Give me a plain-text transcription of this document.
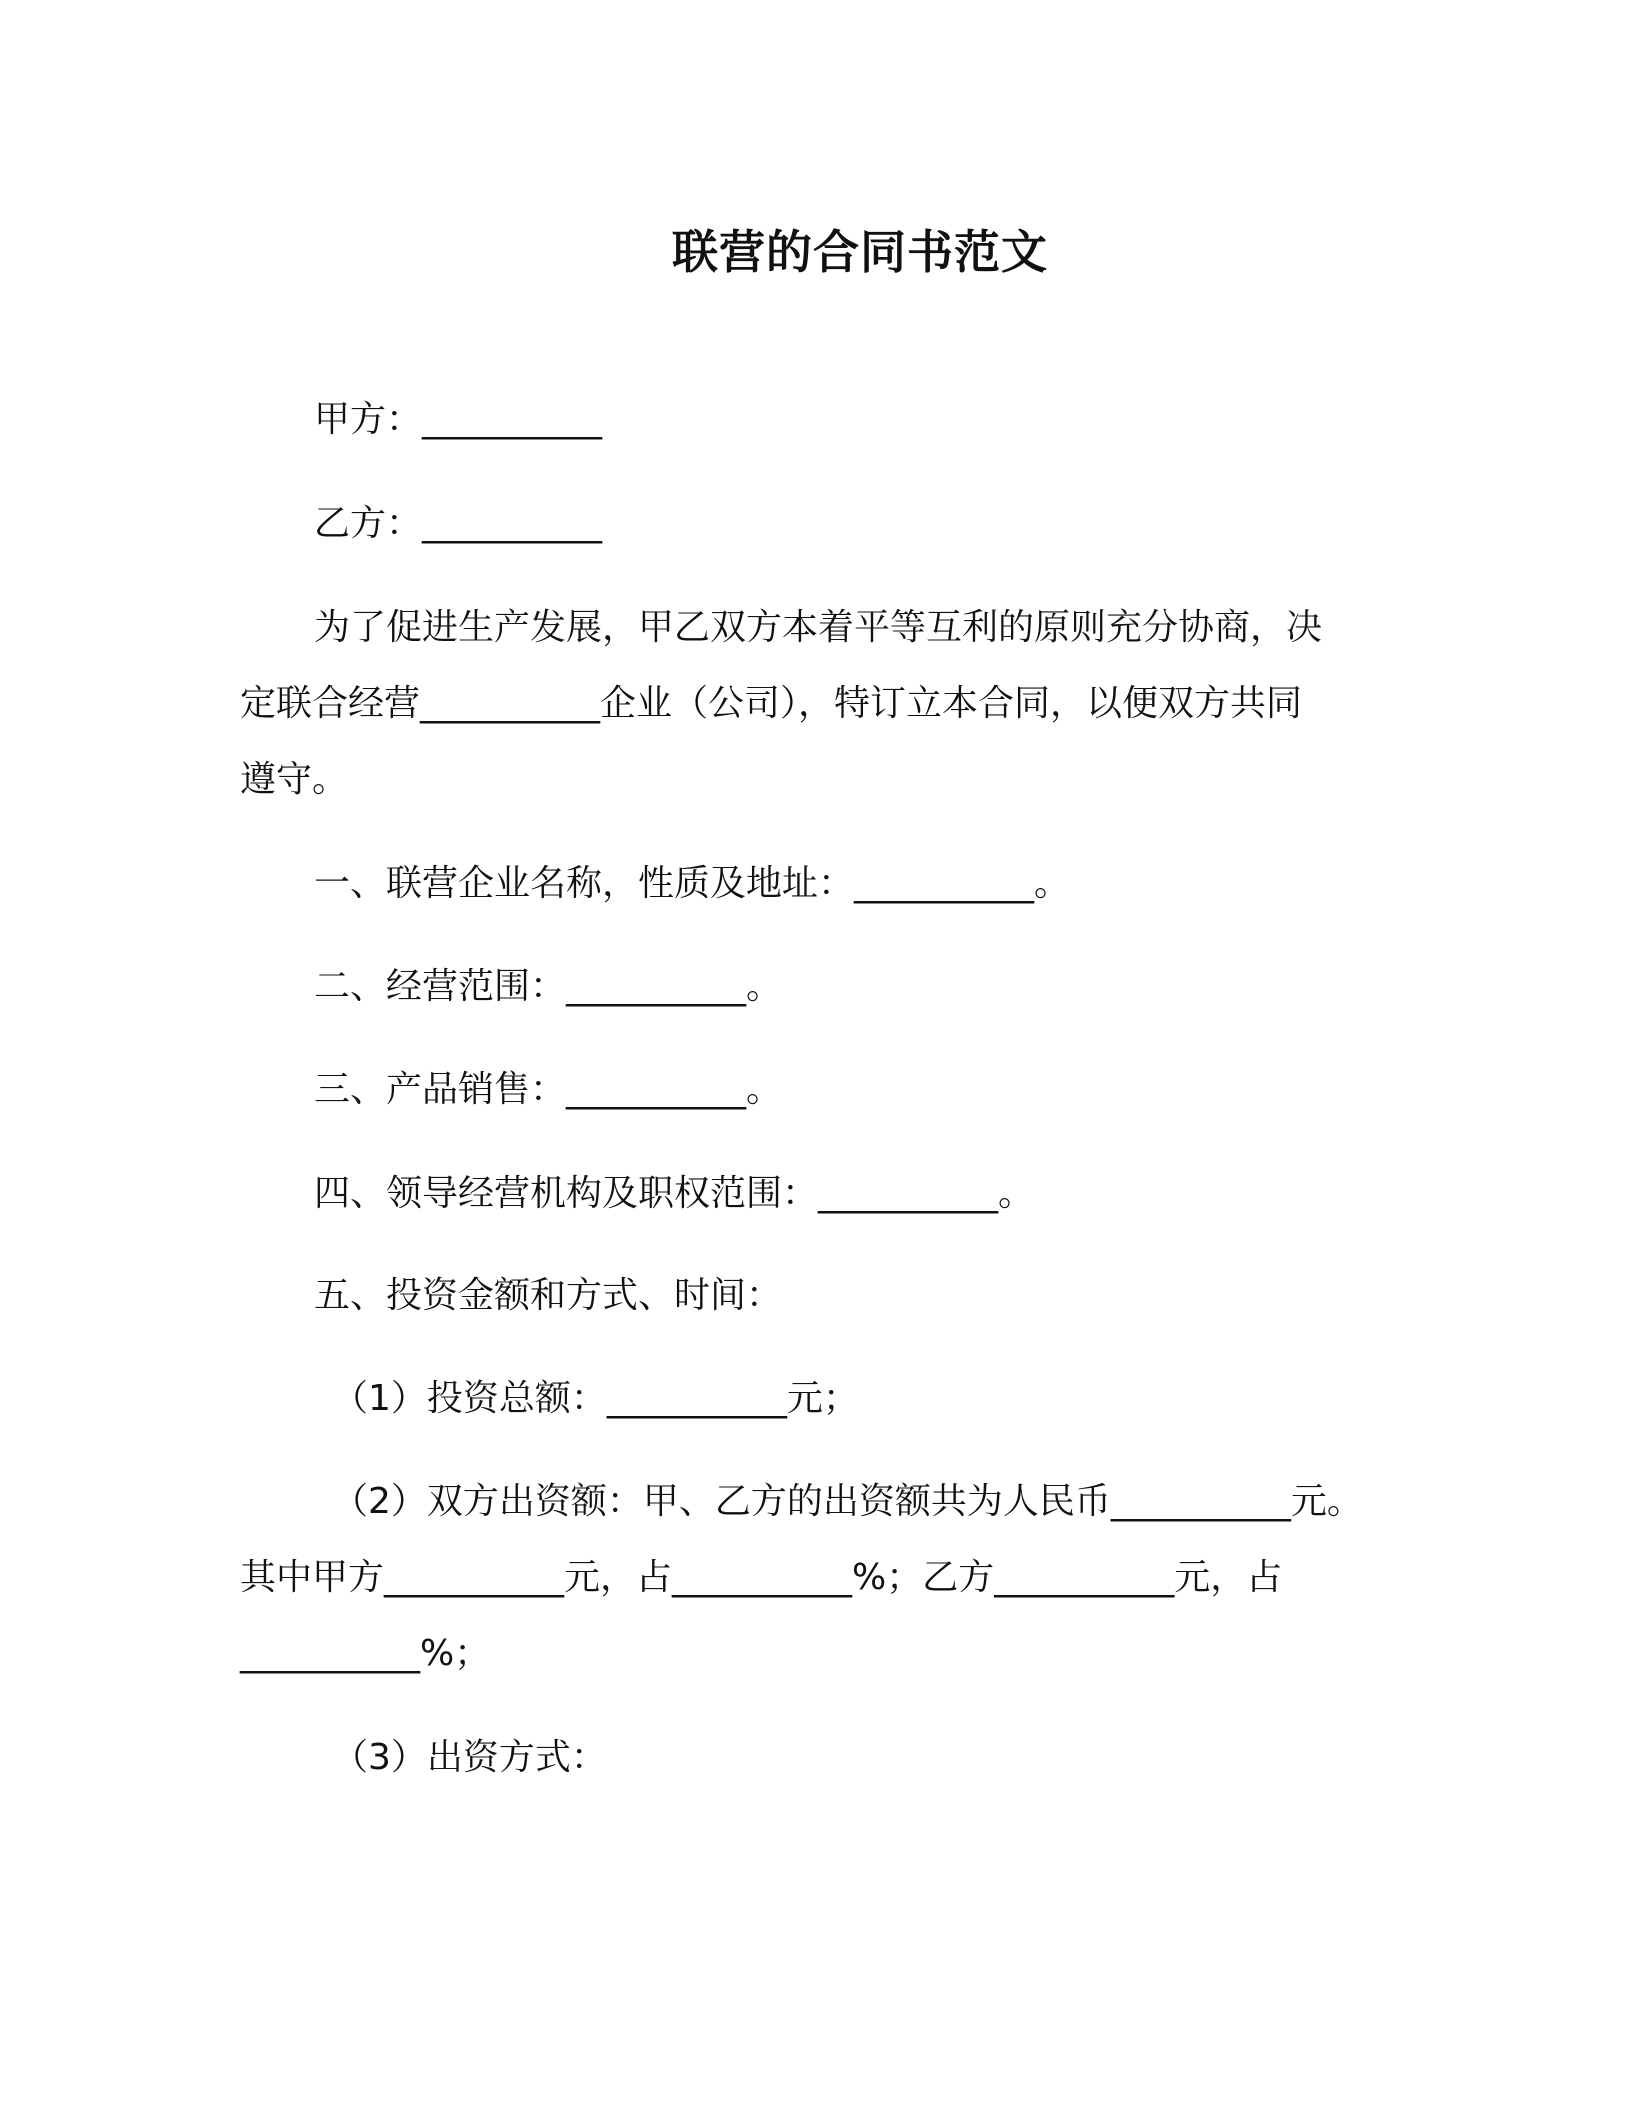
联营的合同书范文
甲方：__________
乙方：__________
为了促进生产发展，甲乙双方本着平等互利的原则充分协商，决
定联合经营__________企业（公司），特订立本合同，以便双方共同
遵守。
一、联营企业名称，性质及地址：__________。
二、经营范围：__________。
三、产品销售：__________。
四、领导经营机构及职权范围：__________。
五、投资金额和方式、时间：
（1）投资总额：__________元；
（2）双方出资额：甲、乙方的出资额共为人民币__________元。
其中甲方__________元，占__________%；乙方__________元，占
__________%；
（3）出资方式：
